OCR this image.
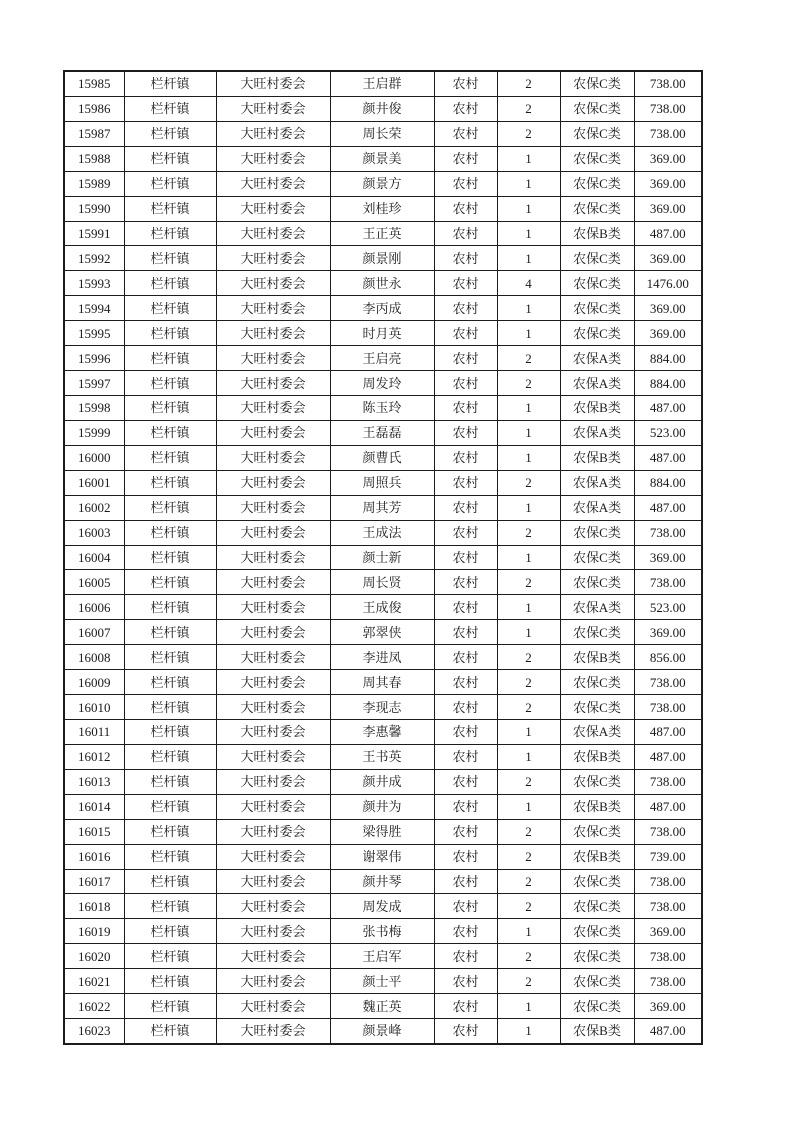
15985	栏杆镇	大旺村委会	王启群	农村	2	农保C类	738.00
15986	栏杆镇	大旺村委会	颜井俊	农村	2	农保C类	738.00
15987	栏杆镇	大旺村委会	周长荣	农村	2	农保C类	738.00
15988	栏杆镇	大旺村委会	颜景美	农村	1	农保C类	369.00
15989	栏杆镇	大旺村委会	颜景方	农村	1	农保C类	369.00
15990	栏杆镇	大旺村委会	刘桂珍	农村	1	农保C类	369.00
15991	栏杆镇	大旺村委会	王正英	农村	1	农保B类	487.00
15992	栏杆镇	大旺村委会	颜景刚	农村	1	农保C类	369.00
15993	栏杆镇	大旺村委会	颜世永	农村	4	农保C类	1476.00
15994	栏杆镇	大旺村委会	李丙成	农村	1	农保C类	369.00
15995	栏杆镇	大旺村委会	时月英	农村	1	农保C类	369.00
15996	栏杆镇	大旺村委会	王启亮	农村	2	农保A类	884.00
15997	栏杆镇	大旺村委会	周发玲	农村	2	农保A类	884.00
15998	栏杆镇	大旺村委会	陈玉玲	农村	1	农保B类	487.00
15999	栏杆镇	大旺村委会	王磊磊	农村	1	农保A类	523.00
16000	栏杆镇	大旺村委会	颜曹氏	农村	1	农保B类	487.00
16001	栏杆镇	大旺村委会	周照兵	农村	2	农保A类	884.00
16002	栏杆镇	大旺村委会	周其芳	农村	1	农保A类	487.00
16003	栏杆镇	大旺村委会	王成法	农村	2	农保C类	738.00
16004	栏杆镇	大旺村委会	颜士新	农村	1	农保C类	369.00
16005	栏杆镇	大旺村委会	周长贤	农村	2	农保C类	738.00
16006	栏杆镇	大旺村委会	王成俊	农村	1	农保A类	523.00
16007	栏杆镇	大旺村委会	郭翠侠	农村	1	农保C类	369.00
16008	栏杆镇	大旺村委会	李进凤	农村	2	农保B类	856.00
16009	栏杆镇	大旺村委会	周其春	农村	2	农保C类	738.00
16010	栏杆镇	大旺村委会	李现志	农村	2	农保C类	738.00
16011	栏杆镇	大旺村委会	李惠馨	农村	1	农保A类	487.00
16012	栏杆镇	大旺村委会	王书英	农村	1	农保B类	487.00
16013	栏杆镇	大旺村委会	颜井成	农村	2	农保C类	738.00
16014	栏杆镇	大旺村委会	颜井为	农村	1	农保B类	487.00
16015	栏杆镇	大旺村委会	梁得胜	农村	2	农保C类	738.00
16016	栏杆镇	大旺村委会	谢翠伟	农村	2	农保B类	739.00
16017	栏杆镇	大旺村委会	颜井琴	农村	2	农保C类	738.00
16018	栏杆镇	大旺村委会	周发成	农村	2	农保C类	738.00
16019	栏杆镇	大旺村委会	张书梅	农村	1	农保C类	369.00
16020	栏杆镇	大旺村委会	王启军	农村	2	农保C类	738.00
16021	栏杆镇	大旺村委会	颜士平	农村	2	农保C类	738.00
16022	栏杆镇	大旺村委会	魏正英	农村	1	农保C类	369.00
16023	栏杆镇	大旺村委会	颜景峰	农村	1	农保B类	487.00
